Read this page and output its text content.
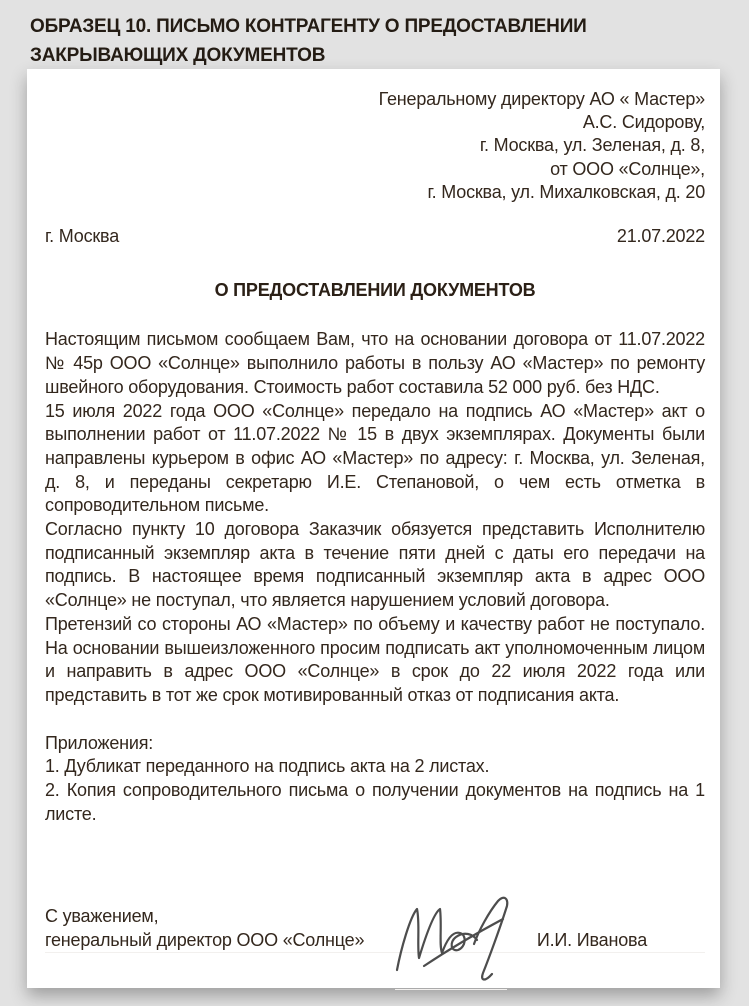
ОБРАЗЕЦ 10. ПИСЬМО КОНТРАГЕНТУ О ПРЕДОСТАВЛЕНИИ ЗАКРЫВАЮЩИХ ДОКУМЕНТОВ
Генеральному директору АО « Мастер»
А.С. Сидорову,
г. Москва, ул. Зеленая, д. 8,
от ООО «Солнце»,
г. Москва, ул. Михалковская, д. 20
г. Москва	21.07.2022
О ПРЕДОСТАВЛЕНИИ ДОКУМЕНТОВ

Настоящим письмом сообщаем Вам, что на основании договора от 11.07.2022 № 45р ООО «Солнце» выполнило работы в пользу АО «Мастер» по ремонту швейного оборудования. Стоимость работ составила 52 000 руб. без НДС.

15 июля 2022 года ООО «Солнце» передало на подпись АО «Мастер» акт о выполнении работ от 11.07.2022 № 15 в двух экземплярах. Документы были направлены курьером в офис АО «Мастер» по адресу: г. Москва, ул. Зеленая, д. 8, и переданы секретарю И.Е. Степановой, о чем есть отметка в сопроводительном письме.

Согласно пункту 10 договора Заказчик обязуется представить Исполнителю подписанный экземпляр акта в течение пяти дней с даты его передачи на подпись. В настоящее время подписанный экземпляр акта в адрес ООО «Солнце» не поступал, что является нарушением условий договора.

Претензий со стороны АО «Мастер» по объему и качеству работ не поступало. На основании вышеизложенного просим подписать акт уполномоченным лицом и направить в адрес ООО «Солнце» в срок до 22 июля 2022 года или представить в тот же срок мотивированный отказ от подписания акта.

Приложения:
1. Дубликат переданного на подпись акта на 2 листах.
2. Копия сопроводительного письма о получении документов на подпись на 1 листе.
С уважением,
генеральный директор ООО «Солнце»	И.И. Иванова
